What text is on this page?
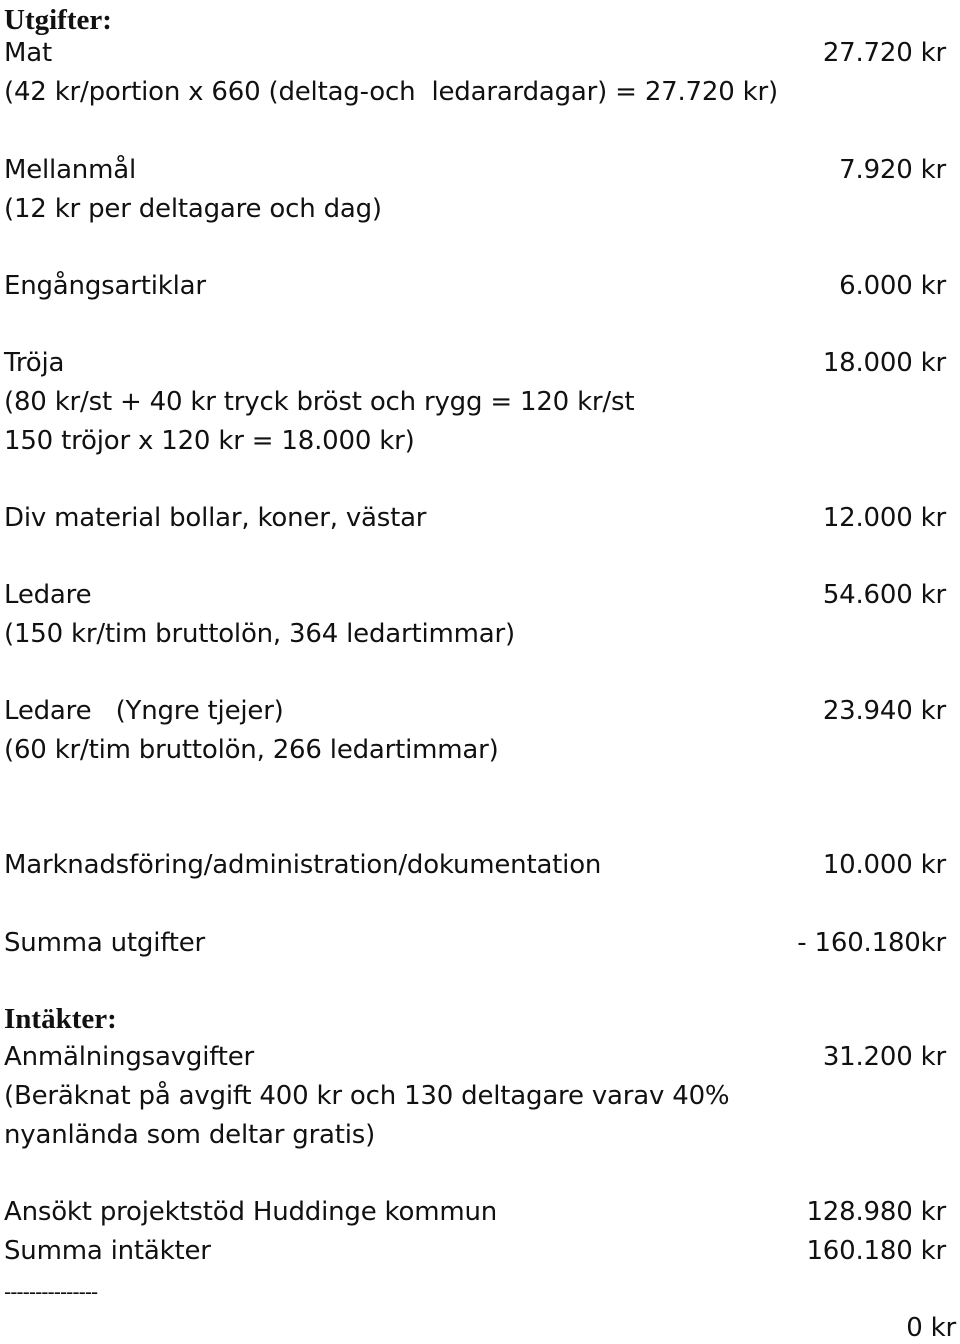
Utgifter:
Mat	27.720 kr
(42 kr/portion x 660 (deltag-och  ledarardagar) = 27.720 kr)
Mellanmål	7.920 kr
(12 kr per deltagare och dag)
Engångsartiklar	6.000 kr
Tröja	18.000 kr
(80 kr/st + 40 kr tryck bröst och rygg = 120 kr/st
150 tröjor x 120 kr = 18.000 kr)
Div material bollar, koner, västar	12.000 kr
Ledare	54.600 kr
(150 kr/tim bruttolön, 364 ledartimmar)
Ledare   (Yngre tjejer)	23.940 kr
(60 kr/tim bruttolön, 266 ledartimmar)
Marknadsföring/administration/dokumentation	10.000 kr
Summa utgifter	- 160.180kr
Intäkter:
Anmälningsavgifter	31.200 kr
(Beräknat på avgift 400 kr och 130 deltagare varav 40%
nyanlända som deltar gratis)
Ansökt projektstöd Huddinge kommun	128.980 kr
Summa intäkter	160.180 kr
---------------
0 kr
